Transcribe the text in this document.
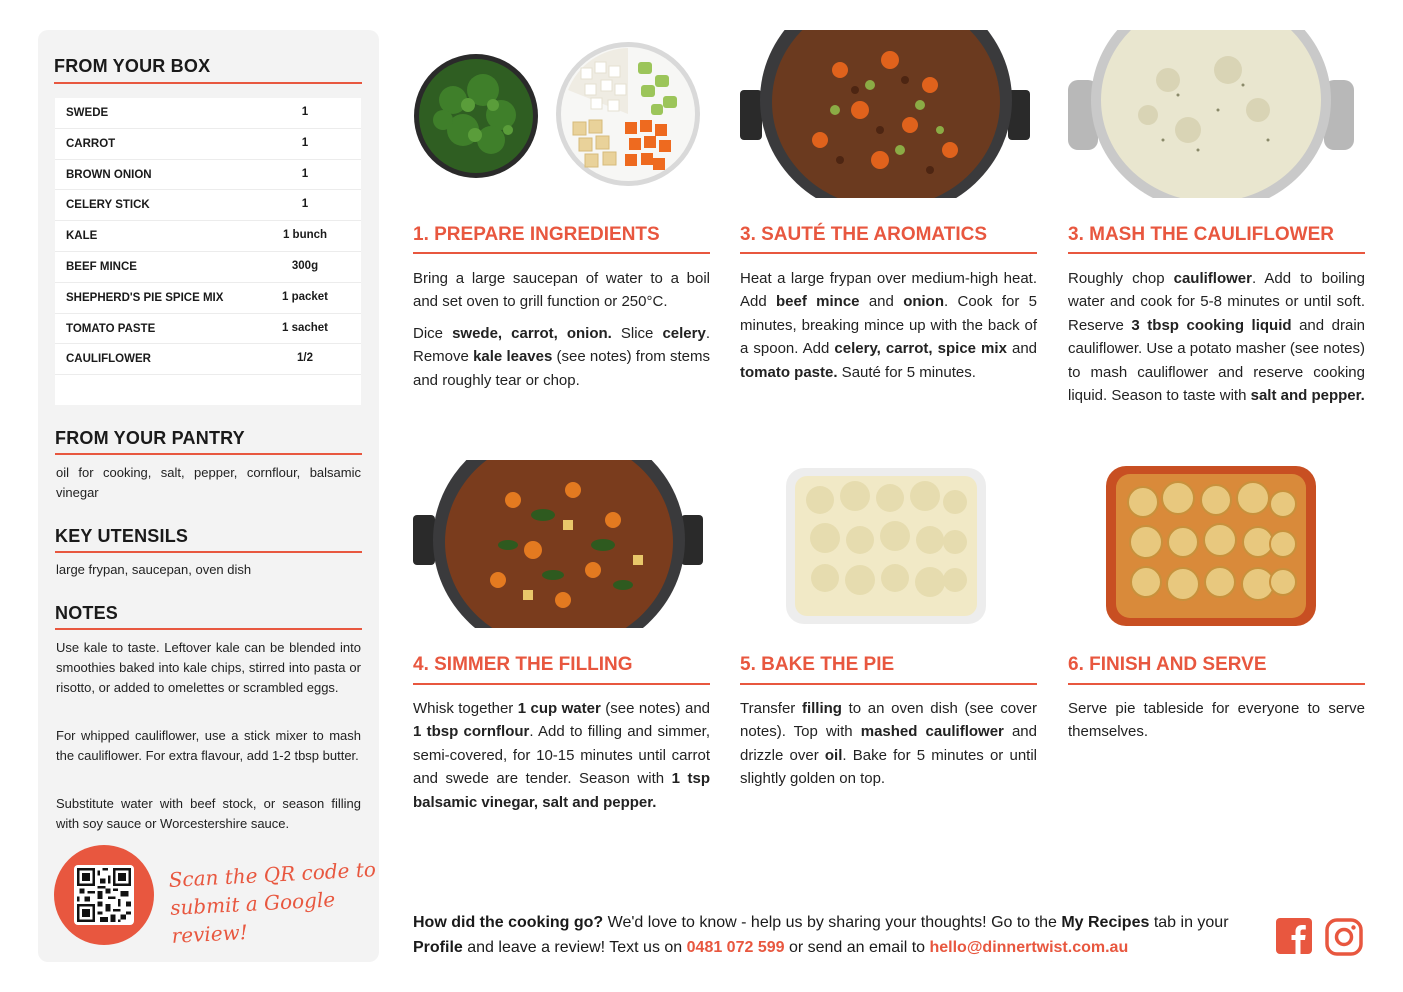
FROM YOUR BOX
SWEDE	1
CARROT	1
BROWN ONION	1
CELERY STICK	1
KALE	1 bunch
BEEF MINCE	300g
SHEPHERD'S PIE SPICE MIX	1 packet
TOMATO PASTE	1 sachet
CAULIFLOWER	1/2
FROM YOUR PANTRY
oil for cooking, salt, pepper, cornflour, balsamic vinegar
KEY UTENSILS
large frypan, saucepan, oven dish
NOTES
Use kale to taste. Leftover kale can be blended into smoothies baked into kale chips, stirred into pasta or risotto, or added to omelettes or scrambled eggs.
For whipped cauliflower, use a stick mixer to mash the cauliflower. For extra flavour, add 1-2 tbsp butter.
Substitute water with beef stock, or season filling with soy sauce or Worcestershire sauce.
Scan the QR code to
submit a Google review!
1. PREPARE INGREDIENTS	3. SAUTÉ THE AROMATICS	3. MASH THE CAULIFLOWER
4. SIMMER THE FILLING	5. BAKE THE PIE	6. FINISH AND SERVE

Bring a large saucepan of water to a boil and set oven to grill function or 250°C.

Dice swede, carrot, onion. Slice celery. Remove kale leaves (see notes) from stems and roughly tear or chop.

Heat a large frypan over medium-high heat. Add beef mince and onion. Cook for 5 minutes, breaking mince up with the back of a spoon. Add celery, carrot, spice mix and tomato paste. Sauté for 5 minutes.

Roughly chop cauliflower. Add to boiling water and cook for 5-8 minutes or until soft. Reserve 3 tbsp cooking liquid and drain cauliflower. Use a potato masher (see notes) to mash cauliflower and reserve cooking liquid. Season to taste with salt and pepper.

Whisk together 1 cup water (see notes) and 1 tbsp cornflour. Add to filling and simmer, semi-covered, for 10-15 minutes until carrot and swede are tender. Season with 1 tsp balsamic vinegar, salt and pepper.

Transfer filling to an oven dish (see cover notes). Top with mashed cauliflower and drizzle over oil. Bake for 5 minutes or until slightly golden on top.

Serve pie tableside for everyone to serve themselves.

How did the cooking go? We'd love to know - help us by sharing your thoughts! Go to the My Recipes tab in your Profile and leave a review! Text us on 0481 072 599 or send an email to hello@dinnertwist.com.au
